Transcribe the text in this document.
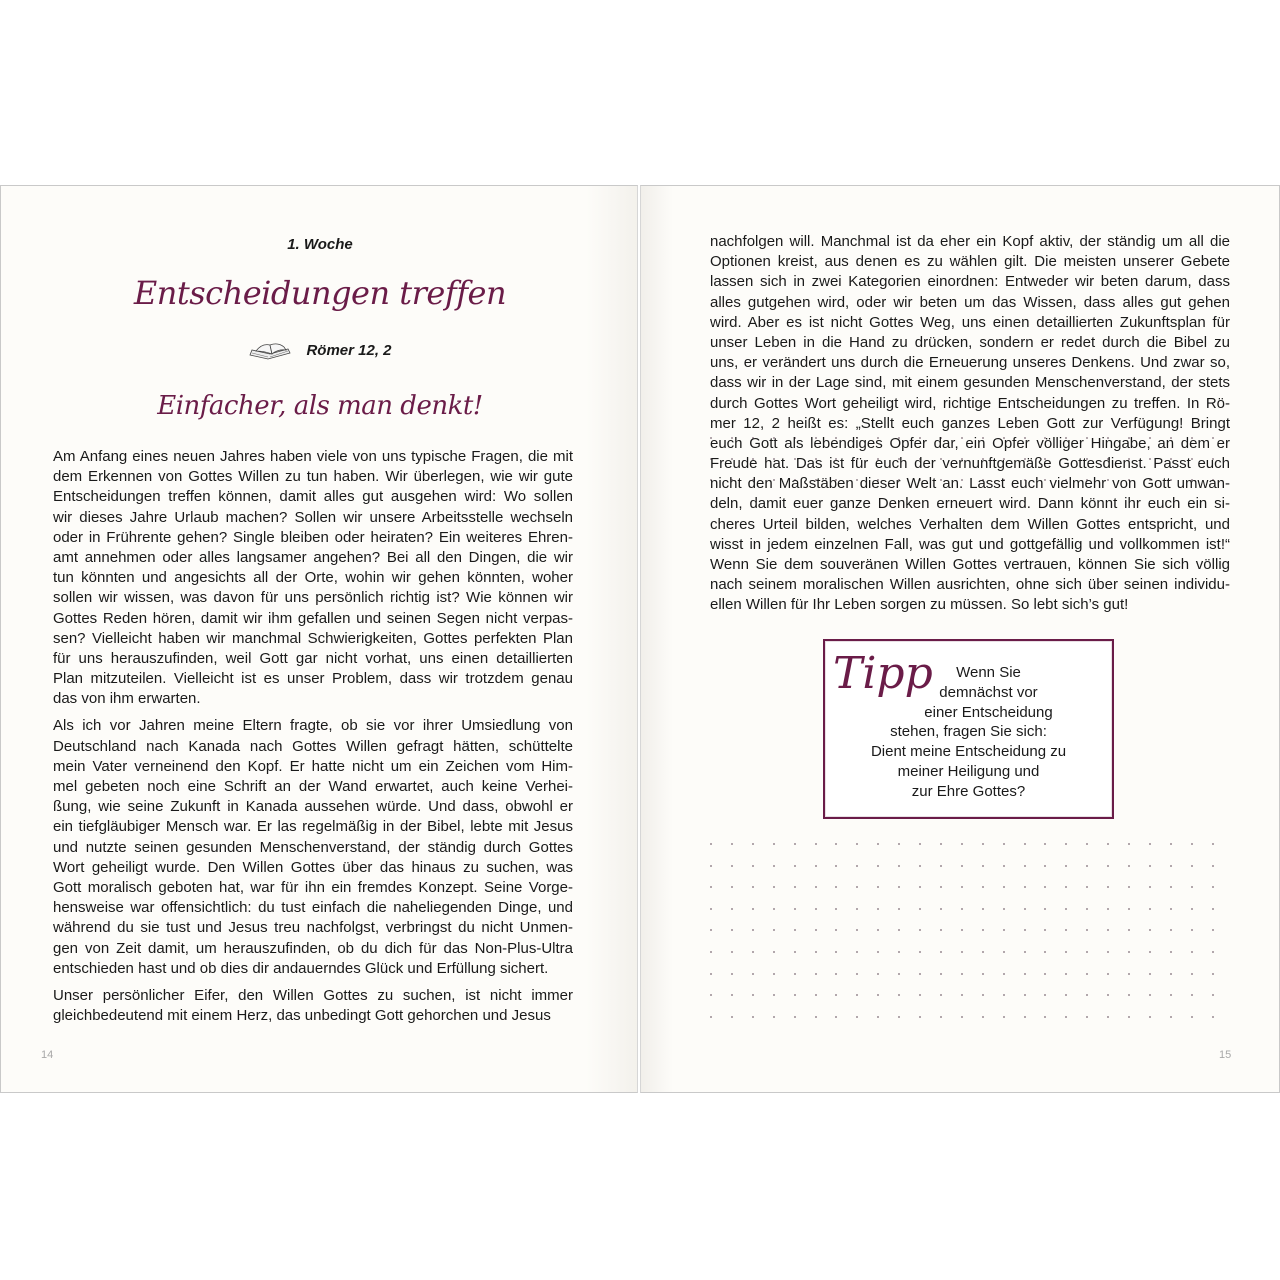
1. Woche
Entscheidungen treffen
Römer 12, 2
Einfacher, als man denkt!
Am Anfang eines neuen Jahres haben viele von uns typische Fragen, die mit
dem Erkennen von Gottes Willen zu tun haben. Wir überlegen, wie wir gute
Entscheidungen treffen können, damit alles gut ausgehen wird: Wo sollen
wir dieses Jahre Urlaub machen? Sollen wir unsere Arbeitsstelle wechseln
oder in Frührente gehen? Single bleiben oder heiraten? Ein weiteres Ehren-
amt annehmen oder alles langsamer angehen? Bei all den Dingen, die wir
tun könnten und angesichts all der Orte, wohin wir gehen könnten, woher
sollen wir wissen, was davon für uns persönlich richtig ist? Wie können wir
Gottes Reden hören, damit wir ihm gefallen und seinen Segen nicht verpas-
sen? Vielleicht haben wir manchmal Schwierigkeiten, Gottes perfekten Plan
für uns herauszufinden, weil Gott gar nicht vorhat, uns einen detaillierten
Plan mitzuteilen. Vielleicht ist es unser Problem, dass wir trotzdem genau
das von ihm erwarten.
Als ich vor Jahren meine Eltern fragte, ob sie vor ihrer Umsiedlung von
Deutschland nach Kanada nach Gottes Willen gefragt hätten, schüttelte
mein Vater verneinend den Kopf. Er hatte nicht um ein Zeichen vom Him-
mel gebeten noch eine Schrift an der Wand erwartet, auch keine Verhei-
ßung, wie seine Zukunft in Kanada aussehen würde. Und dass, obwohl er
ein tiefgläubiger Mensch war. Er las regelmäßig in der Bibel, lebte mit Jesus
und nutzte seinen gesunden Menschenverstand, der ständig durch Gottes
Wort geheiligt wurde. Den Willen Gottes über das hinaus zu suchen, was
Gott moralisch geboten hat, war für ihn ein fremdes Konzept. Seine Vorge-
hensweise war offensichtlich: du tust einfach die naheliegenden Dinge, und
während du sie tust und Jesus treu nachfolgst, verbringst du nicht Unmen-
gen von Zeit damit, um herauszufinden, ob du dich für das Non-Plus-Ultra
entschieden hast und ob dies dir andauerndes Glück und Erfüllung sichert.
Unser persönlicher Eifer, den Willen Gottes zu suchen, ist nicht immer
gleichbedeutend mit einem Herz, das unbedingt Gott gehorchen und Jesus
14
nachfolgen will. Manchmal ist da eher ein Kopf aktiv, der ständig um all die
Optionen kreist, aus denen es zu wählen gilt. Die meisten unserer Gebete
lassen sich in zwei Kategorien einordnen: Entweder wir beten darum, dass
alles gutgehen wird, oder wir beten um das Wissen, dass alles gut gehen
wird. Aber es ist nicht Gottes Weg, uns einen detaillierten Zukunftsplan für
unser Leben in die Hand zu drücken, sondern er redet durch die Bibel zu
uns, er verändert uns durch die Erneuerung unseres Denkens. Und zwar so,
dass wir in der Lage sind, mit einem gesunden Menschenverstand, der stets
durch Gottes Wort geheiligt wird, richtige Entscheidungen zu treffen. In Rö-
mer 12, 2 heißt es: „Stellt euch ganzes Leben Gott zur Verfügung! Bringt
euch Gott als lebendiges Opfer dar, ein Opfer völliger Hingabe, an dem er
Freude hat. Das ist für euch der vernunftgemäße Gottesdienst. Passt euch
nicht den Maßstäben dieser Welt an. Lasst euch vielmehr von Gott umwan-
deln, damit euer ganze Denken erneuert wird. Dann könnt ihr euch ein si-
cheres Urteil bilden, welches Verhalten dem Willen Gottes entspricht, und
wisst in jedem einzelnen Fall, was gut und gottgefällig und vollkommen ist!“
Wenn Sie dem souveränen Willen Gottes vertrauen, können Sie sich völlig
nach seinem moralischen Willen ausrichten, ohne sich über seinen individu-
ellen Willen für Ihr Leben sorgen zu müssen. So lebt sich’s gut!
Tipp	Wenn Sie
demnächst vor
einer Entscheidung
stehen, fragen Sie sich:
Dient meine Entscheidung zu
meiner Heiligung und
zur Ehre Gottes?
15
